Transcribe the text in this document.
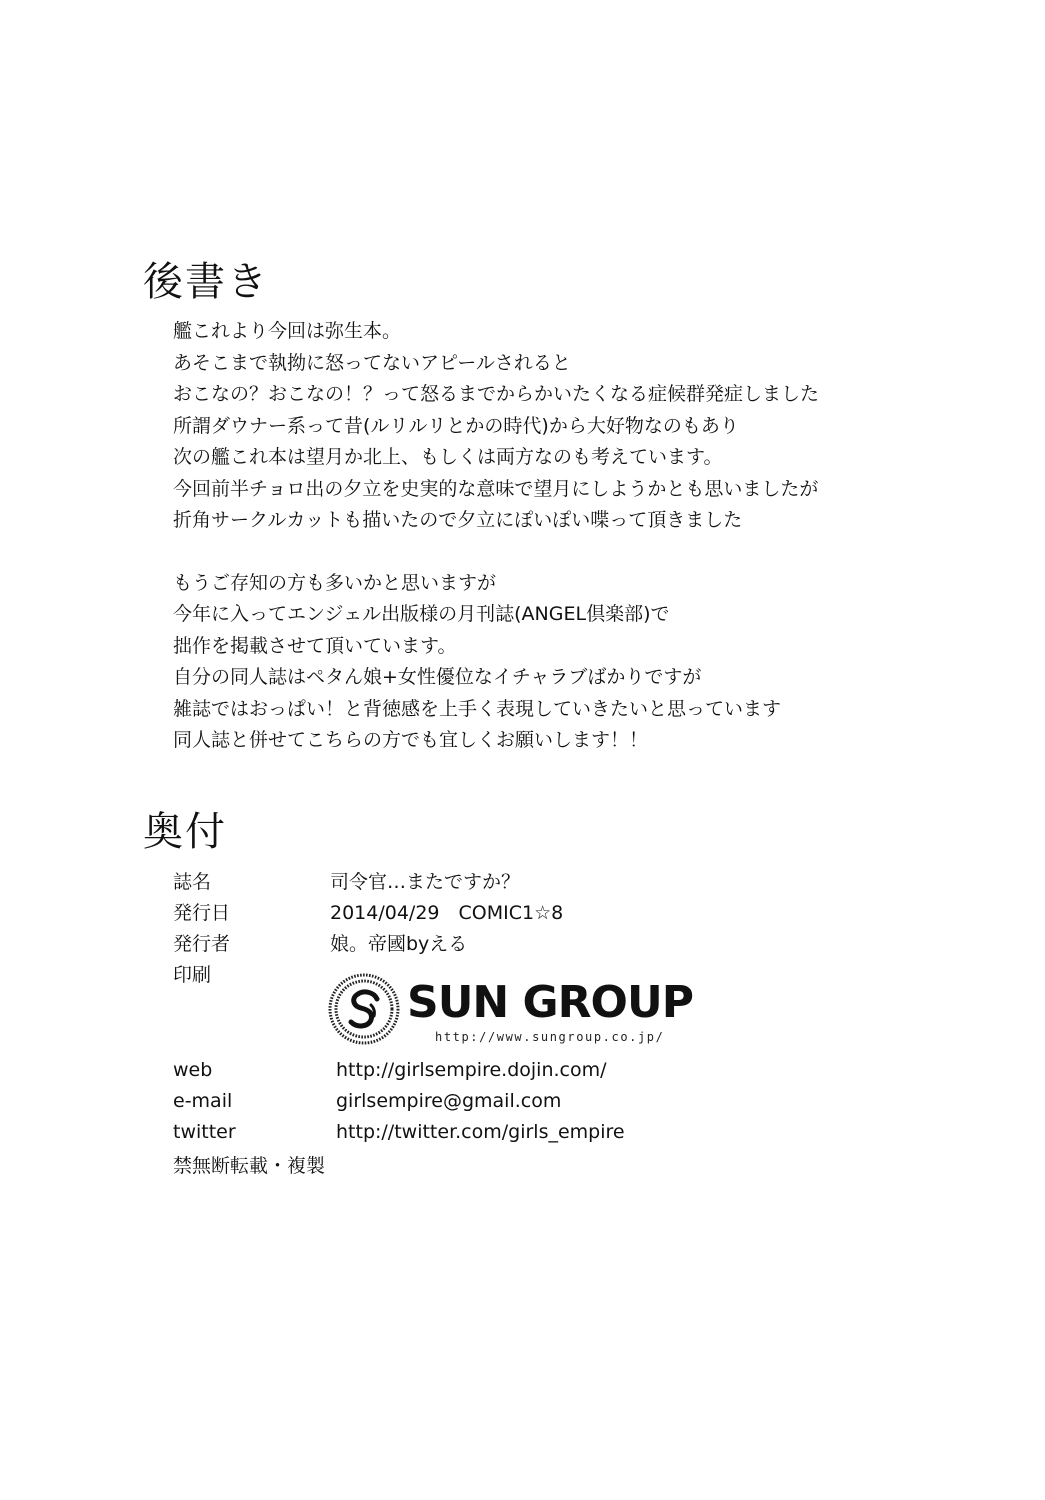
後書き

艦これより今回は弥生本。
あそこまで執拗に怒ってないアピールされると
おこなの？おこなの！？って怒るまでからかいたくなる症候群発症しました
所謂ダウナー系って昔(ルリルリとかの時代)から大好物なのもあり
次の艦これ本は望月か北上、もしくは両方なのも考えています。
今回前半チョロ出の夕立を史実的な意味で望月にしようかとも思いましたが
折角サークルカットも描いたので夕立にぽいぽい喋って頂きました

もうご存知の方も多いかと思いますが
今年に入ってエンジェル出版様の月刊誌(ANGEL倶楽部)で
拙作を掲載させて頂いています。
自分の同人誌はペタん娘+女性優位なイチャラブばかりですが
雑誌ではおっぱい！と背徳感を上手く表現していきたいと思っています
同人誌と併せてこちらの方でも宜しくお願いします！！

奥付
誌名	司令官…またですか？
発行日	2014/04/29　COMIC1☆8
発行者	娘。帝國byえる
印刷
SUN GROUP
http://www.sungroup.co.jp/
web	http://girlsempire.dojin.com/
e-mail	girlsempire@gmail.com
twitter	http://twitter.com/girls_empire
禁無断転載・複製
